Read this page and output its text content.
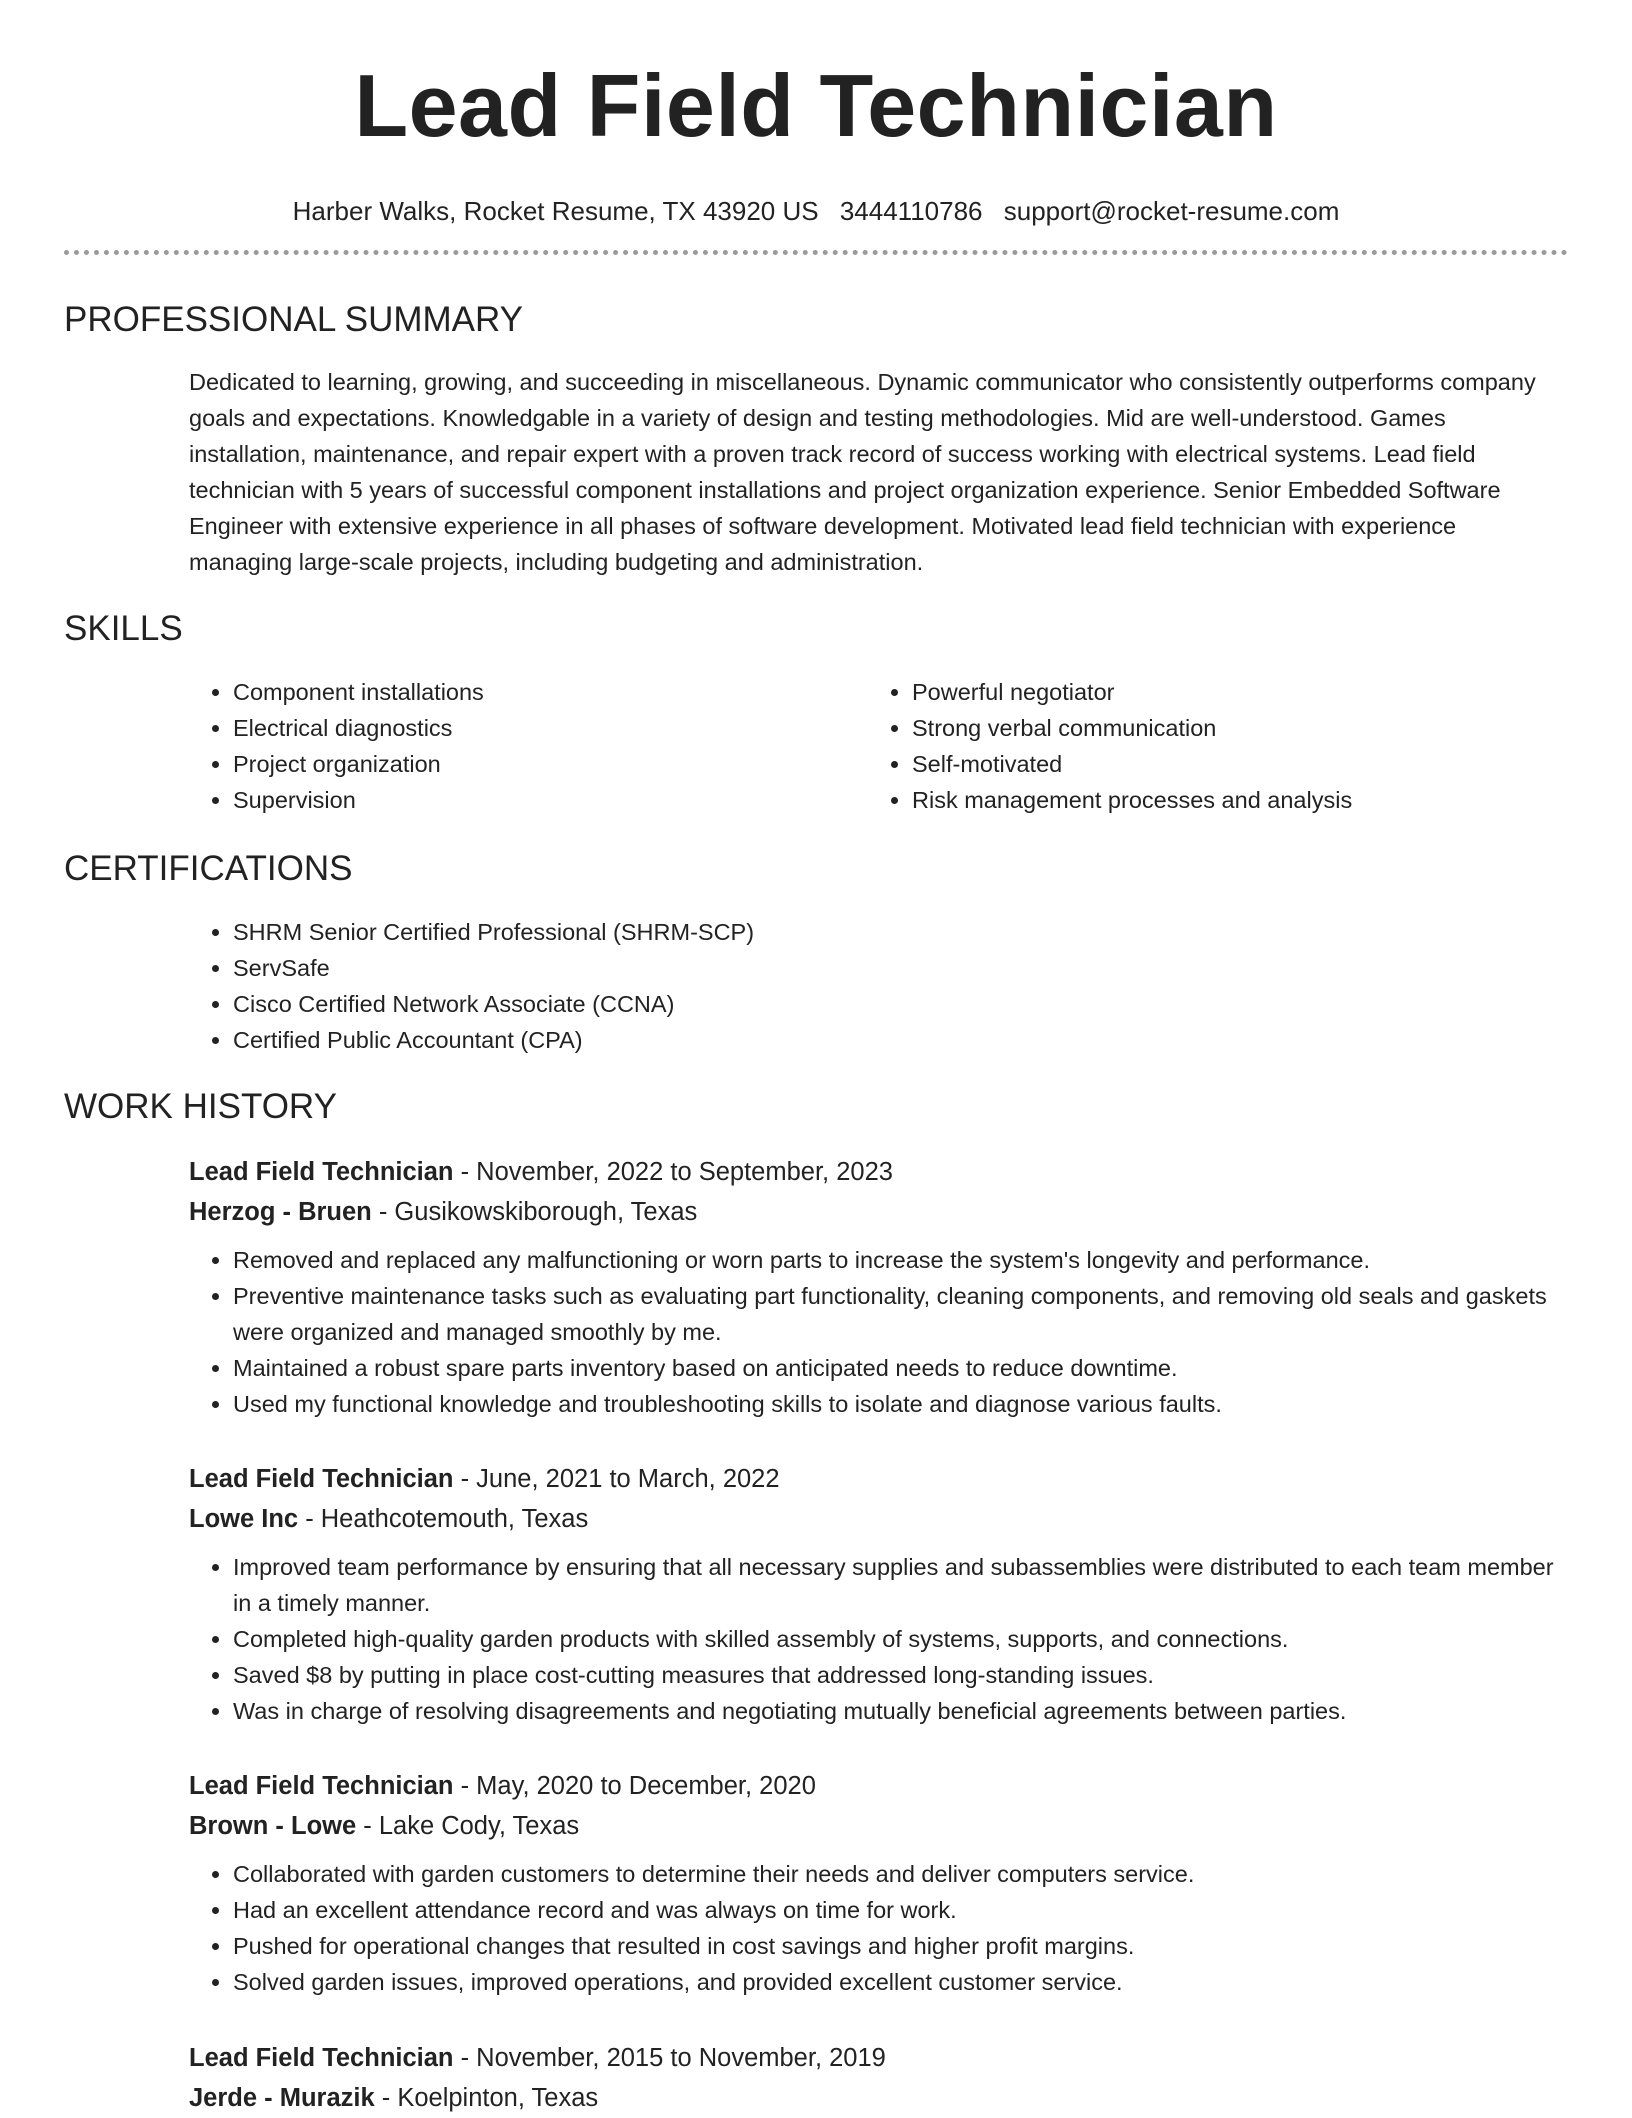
Lead Field Technician
Harber Walks, Rocket Resume, TX 43920 US 3444110786 support@rocket-resume.com
PROFESSIONAL SUMMARY
Dedicated to learning, growing, and succeeding in miscellaneous. Dynamic communicator who consistently outperforms company goals and expectations. Knowledgable in a variety of design and testing methodologies. Mid are well-understood. Games installation, maintenance, and repair expert with a proven track record of success working with electrical systems. Lead field technician with 5 years of successful component installations and project organization experience. Senior Embedded Software Engineer with extensive experience in all phases of software development. Motivated lead field technician with experience managing large-scale projects, including budgeting and administration.
SKILLS
• Component installations
• Electrical diagnostics
• Project organization
• Supervision
• Powerful negotiator
• Strong verbal communication
• Self-motivated
• Risk management processes and analysis
CERTIFICATIONS
• SHRM Senior Certified Professional (SHRM-SCP)
• ServSafe
• Cisco Certified Network Associate (CCNA)
• Certified Public Accountant (CPA)
WORK HISTORY
Lead Field Technician - November, 2022 to September, 2023
Herzog - Bruen - Gusikowskiborough, Texas
• Removed and replaced any malfunctioning or worn parts to increase the system's longevity and performance.
• Preventive maintenance tasks such as evaluating part functionality, cleaning components, and removing old seals and gaskets were organized and managed smoothly by me.
• Maintained a robust spare parts inventory based on anticipated needs to reduce downtime.
• Used my functional knowledge and troubleshooting skills to isolate and diagnose various faults.
Lead Field Technician - June, 2021 to March, 2022
Lowe Inc - Heathcotemouth, Texas
• Improved team performance by ensuring that all necessary supplies and subassemblies were distributed to each team member in a timely manner.
• Completed high-quality garden products with skilled assembly of systems, supports, and connections.
• Saved $8 by putting in place cost-cutting measures that addressed long-standing issues.
• Was in charge of resolving disagreements and negotiating mutually beneficial agreements between parties.
Lead Field Technician - May, 2020 to December, 2020
Brown - Lowe - Lake Cody, Texas
• Collaborated with garden customers to determine their needs and deliver computers service.
• Had an excellent attendance record and was always on time for work.
• Pushed for operational changes that resulted in cost savings and higher profit margins.
• Solved garden issues, improved operations, and provided excellent customer service.
Lead Field Technician - November, 2015 to November, 2019
Jerde - Murazik - Koelpinton, Texas
